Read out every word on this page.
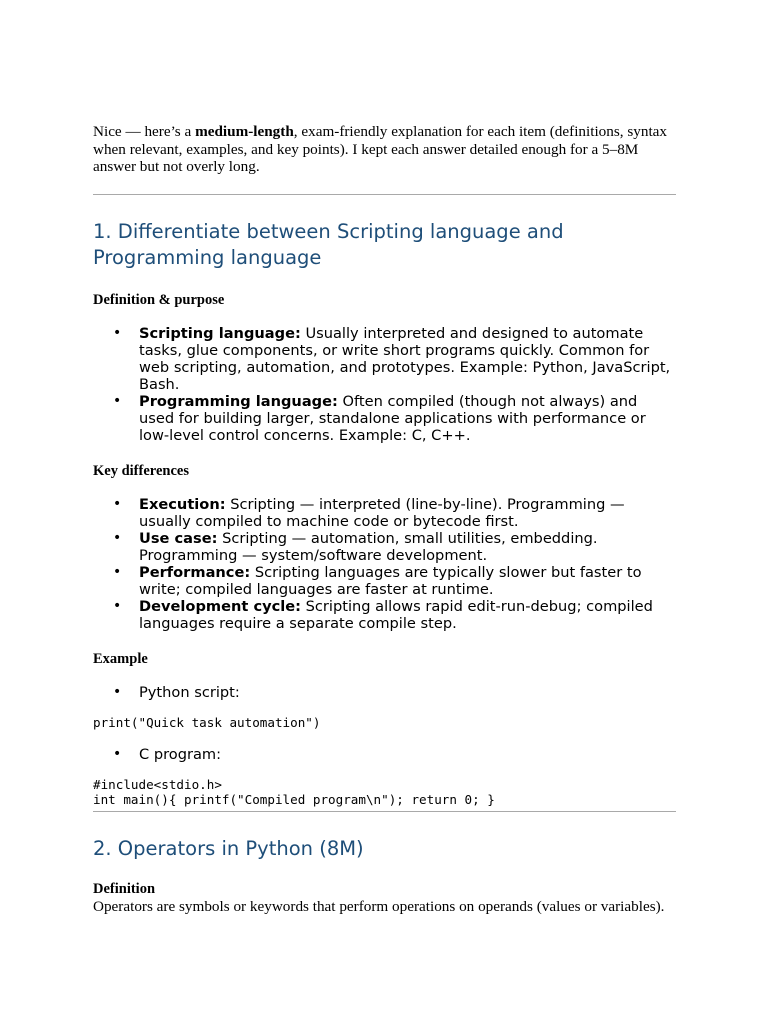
Nice — here’s a medium-length, exam-friendly explanation for each item (definitions, syntax when relevant, examples, and key points). I kept each answer detailed enough for a 5–8M answer but not overly long.

1. Differentiate between Scripting language and Programming language
Definition & purpose
• Scripting language: Usually interpreted and designed to automate tasks, glue components, or write short programs quickly. Common for web scripting, automation, and prototypes. Example: Python, JavaScript, Bash.
• Programming language: Often compiled (though not always) and used for building larger, standalone applications with performance or low-level control concerns. Example: C, C++.
Key differences
• Execution: Scripting — interpreted (line-by-line). Programming — usually compiled to machine code or bytecode first.
• Use case: Scripting — automation, small utilities, embedding. Programming — system/software development.
• Performance: Scripting languages are typically slower but faster to write; compiled languages are faster at runtime.
• Development cycle: Scripting allows rapid edit-run-debug; compiled languages require a separate compile step.
Example
• Python script:
print("Quick task automation")
• C program:
#include<stdio.h>
int main(){ printf("Compiled program\n"); return 0; }
2. Operators in Python (8M)
Definition

Operators are symbols or keywords that perform operations on operands (values or variables).
